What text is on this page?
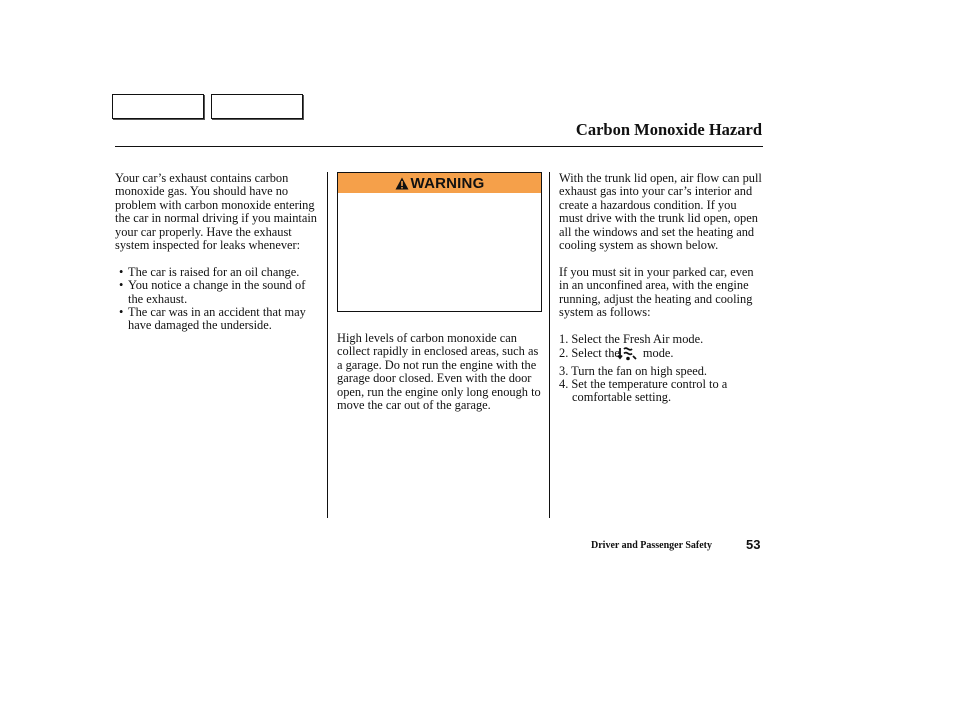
Carbon Monoxide Hazard

Your car’s exhaust contains carbon monoxide gas. You should have no problem with carbon monoxide entering the car in normal driving if you maintain your car properly. Have the exhaust system inspected for leaks whenever:

• The car is raised for an oil change.
• You notice a change in the sound of the exhaust.
• The car was in an accident that may have damaged the underside.
WARNING

High levels of carbon monoxide can collect rapidly in enclosed areas, such as a garage. Do not run the engine with the garage door closed. Even with the door open, run the engine only long enough to move the car out of the garage.

With the trunk lid open, air flow can pull exhaust gas into your car’s interior and create a hazardous condition. If you must drive with the trunk lid open, open all the windows and set the heating and cooling system as shown below.

If you must sit in your parked car, even in an unconfined area, with the engine running, adjust the heating and cooling system as follows:

1. Select the Fresh Air mode.
2. Select the mode.
3. Turn the fan on high speed.
4. Set the temperature control to a comfortable setting.
Driver and Passenger Safety	53
